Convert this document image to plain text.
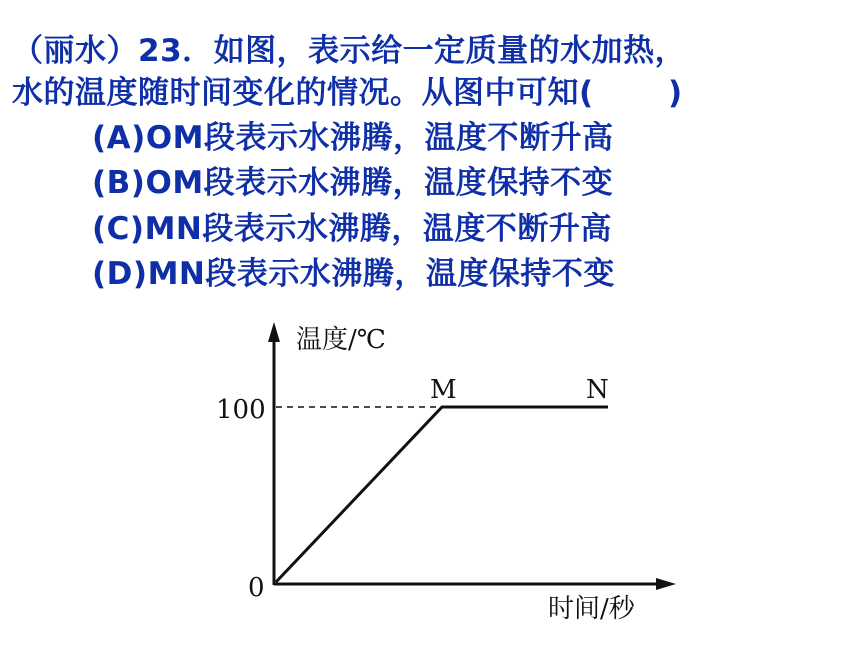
（丽水）23．如图，表示给一定质量的水加热，
水的温度随时间变化的情况。从图中可知(　　 )
(A)OM段表示水沸腾，温度不断升高
(B)OM段表示水沸腾，温度保持不变
(C)MN段表示水沸腾，温度不断升高
(D)MN段表示水沸腾，温度保持不变
温度/℃
时间/秒
100
0
M	N
